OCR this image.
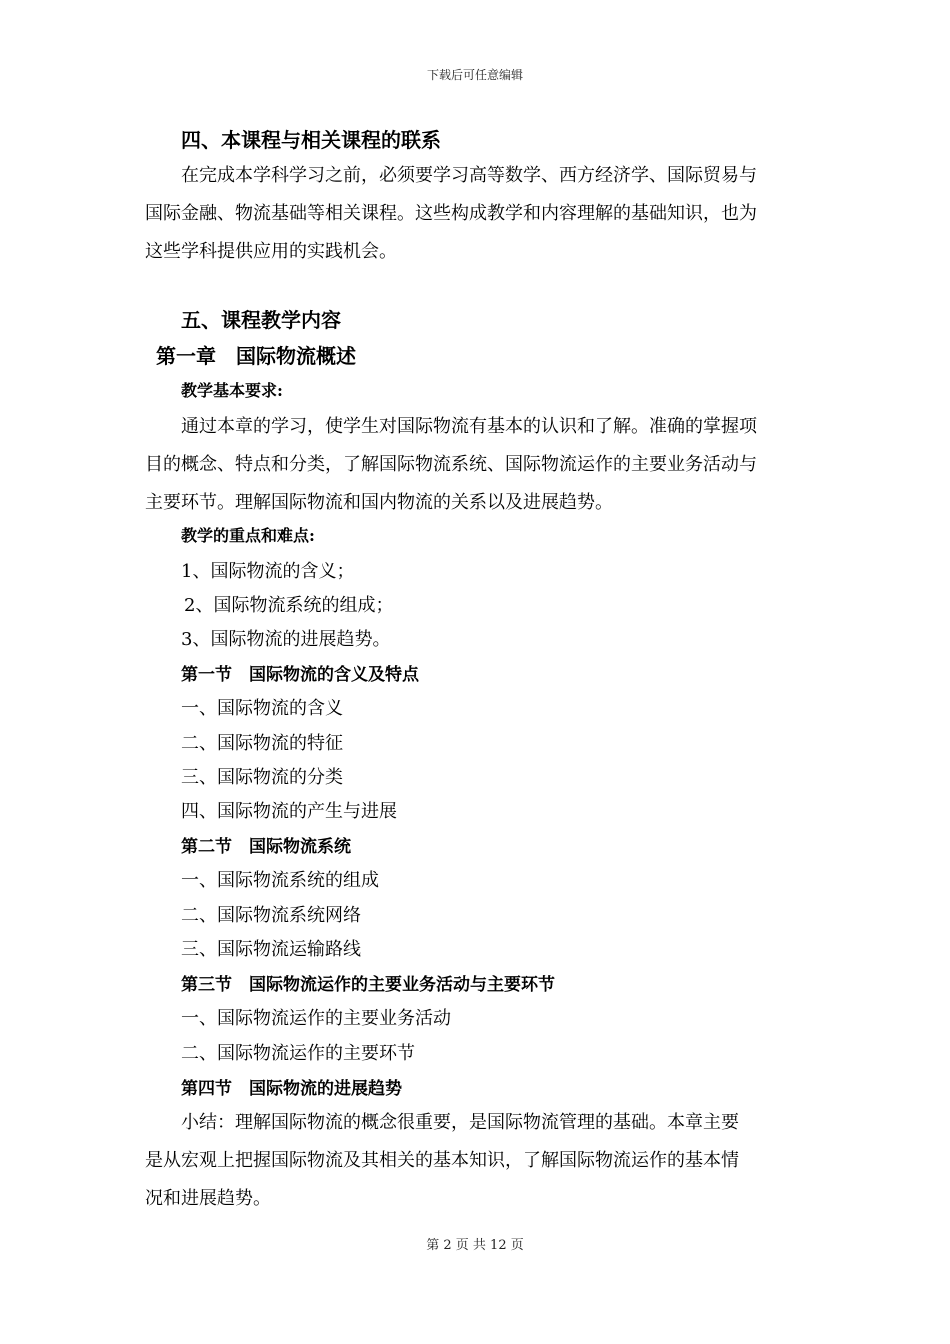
下载后可任意编辑
四、本课程与相关课程的联系
在完成本学科学习之前，必须要学习高等数学、西方经济学、国际贸易与
国际金融、物流基础等相关课程。这些构成教学和内容理解的基础知识，也为
这些学科提供应用的实践机会。
五、课程教学内容
第一章　国际物流概述
教学基本要求:
通过本章的学习，使学生对国际物流有基本的认识和了解。准确的掌握项
目的概念、特点和分类，了解国际物流系统、国际物流运作的主要业务活动与
主要环节。理解国际物流和国内物流的关系以及进展趋势。
教学的重点和难点:
1、国际物流的含义；
2、国际物流系统的组成；
3、国际物流的进展趋势。
第一节　国际物流的含义及特点
一、国际物流的含义
二、国际物流的特征
三、国际物流的分类
四、国际物流的产生与进展
第二节　国际物流系统
一、国际物流系统的组成
二、国际物流系统网络
三、国际物流运输路线
第三节　国际物流运作的主要业务活动与主要环节
一、国际物流运作的主要业务活动
二、国际物流运作的主要环节
第四节　国际物流的进展趋势
小结：理解国际物流的概念很重要，是国际物流管理的基础。本章主要
是从宏观上把握国际物流及其相关的基本知识，了解国际物流运作的基本情
况和进展趋势。
第 2 页 共 12 页
